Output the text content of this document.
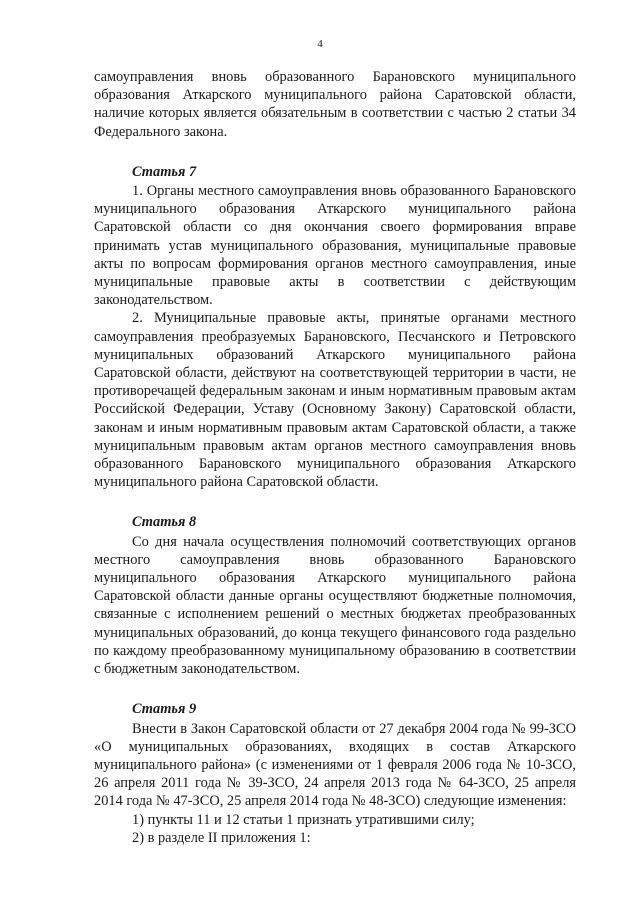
4

самоуправления вновь образованного Барановского муниципального образования Аткарского муниципального района Саратовской области, наличие которых является обязательным в соответствии с частью 2 статьи 34 Федерального закона.

Статья 7

1. Органы местного самоуправления вновь образованного Барановского муниципального образования Аткарского муниципального района Саратовской области со дня окончания своего формирования вправе принимать устав муниципального образования, муниципальные правовые акты по вопросам формирования органов местного самоуправления, иные муниципальные правовые акты в соответствии с действующим законодательством.

2. Муниципальные правовые акты, принятые органами местного самоуправления преобразуемых Барановского, Песчанского и Петровского муниципальных образований Аткарского муниципального района Саратовской области, действуют на соответствующей территории в части, не противоречащей федеральным законам и иным нормативным правовым актам Российской Федерации, Уставу (Основному Закону) Саратовской области, законам и иным нормативным правовым актам Саратовской области, а также муниципальным правовым актам органов местного самоуправления вновь образованного Барановского муниципального образования Аткарского муниципального района Саратовской области.

Статья 8

Со дня начала осуществления полномочий соответствующих органов местного самоуправления вновь образованного Барановского муниципального образования Аткарского муниципального района Саратовской области данные органы осуществляют бюджетные полномочия, связанные с исполнением решений о местных бюджетах преобразованных муниципальных образований, до конца текущего финансового года раздельно по каждому преобразованному муниципальному образованию в соответствии с бюджетным законодательством.

Статья 9

Внести в Закон Саратовской области от 27 декабря 2004 года № 99-ЗСО «О муниципальных образованиях, входящих в состав Аткарского муниципального района» (с изменениями от 1 февраля 2006 года № 10-ЗСО, 26 апреля 2011 года № 39-ЗСО, 24 апреля 2013 года № 64-ЗСО, 25 апреля 2014 года № 47-ЗСО, 25 апреля 2014 года № 48-ЗСО) следующие изменения:

1) пункты 11 и 12 статьи 1 признать утратившими силу;

2) в разделе II приложения 1:
